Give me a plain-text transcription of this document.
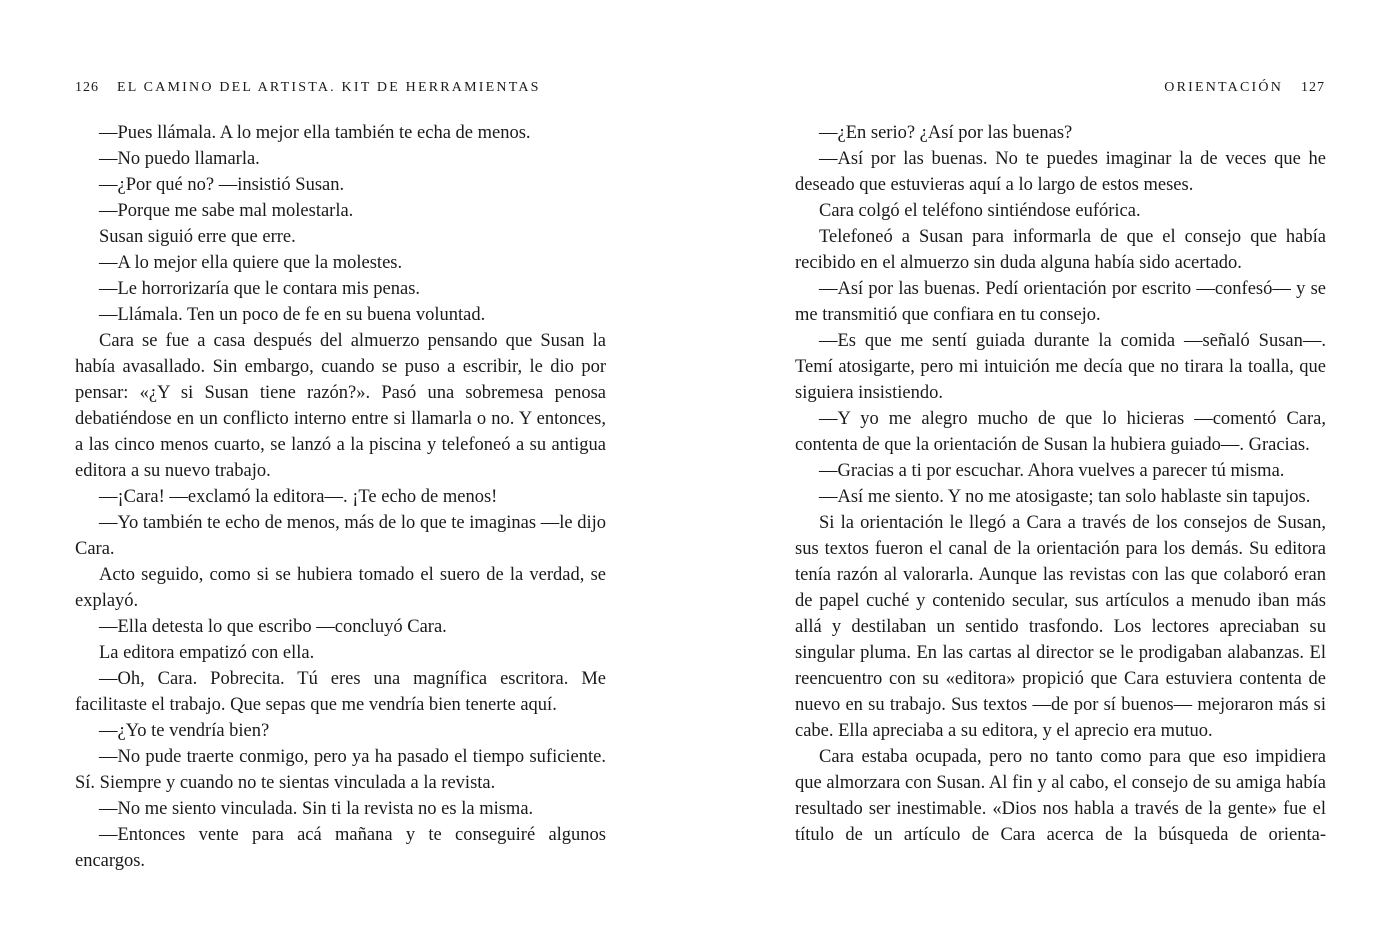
126 EL CAMINO DEL ARTISTA. KIT DE HERRAMIENTAS

—Pues llámala. A lo mejor ella también te echa de menos.

—No puedo llamarla.

—¿Por qué no? —insistió Susan.

—Porque me sabe mal molestarla.

Susan siguió erre que erre.

—A lo mejor ella quiere que la molestes.

—Le horrorizaría que le contara mis penas.

—Llámala. Ten un poco de fe en su buena voluntad.

Cara se fue a casa después del almuerzo pensando que Susan la había avasallado. Sin embargo, cuando se puso a escribir, le dio por pensar: «¿Y si Susan tiene razón?». Pasó una sobremesa penosa debatiéndose en un conflicto interno entre si llamarla o no. Y entonces, a las cinco menos cuarto, se lanzó a la piscina y telefoneó a su antigua editora a su nuevo trabajo.

—¡Cara! —exclamó la editora—. ¡Te echo de menos!

—Yo también te echo de menos, más de lo que te imaginas —le dijo Cara.

Acto seguido, como si se hubiera tomado el suero de la verdad, se explayó.

—Ella detesta lo que escribo —concluyó Cara.

La editora empatizó con ella.

—Oh, Cara. Pobrecita. Tú eres una magnífica escritora. Me facilitaste el trabajo. Que sepas que me vendría bien tenerte aquí.

—¿Yo te vendría bien?

—No pude traerte conmigo, pero ya ha pasado el tiempo suficiente. Sí. Siempre y cuando no te sientas vinculada a la revista.

—No me siento vinculada. Sin ti la revista no es la misma.

—Entonces vente para acá mañana y te conseguiré algunos encargos.

ORIENTACIÓN 127

—¿En serio? ¿Así por las buenas?

—Así por las buenas. No te puedes imaginar la de veces que he deseado que estuvieras aquí a lo largo de estos meses.

Cara colgó el teléfono sintiéndose eufórica.

Telefoneó a Susan para informarla de que el consejo que había recibido en el almuerzo sin duda alguna había sido acertado.

—Así por las buenas. Pedí orientación por escrito —confesó— y se me transmitió que confiara en tu consejo.

—Es que me sentí guiada durante la comida —señaló Susan—. Temí atosigarte, pero mi intuición me decía que no tirara la toalla, que siguiera insistiendo.

—Y yo me alegro mucho de que lo hicieras —comentó Cara, contenta de que la orientación de Susan la hubiera guiado—. Gracias.

—Gracias a ti por escuchar. Ahora vuelves a parecer tú misma.

—Así me siento. Y no me atosigaste; tan solo hablaste sin tapujos.

Si la orientación le llegó a Cara a través de los consejos de Susan, sus textos fueron el canal de la orientación para los demás. Su editora tenía razón al valorarla. Aunque las revistas con las que colaboró eran de papel cuché y contenido secular, sus artículos a menudo iban más allá y destilaban un sentido trasfondo. Los lectores apreciaban su singular pluma. En las cartas al director se le prodigaban alabanzas. El reencuentro con su «editora» propició que Cara estuviera contenta de nuevo en su trabajo. Sus textos —de por sí buenos— mejoraron más si cabe. Ella apreciaba a su editora, y el aprecio era mutuo.

Cara estaba ocupada, pero no tanto como para que eso impidiera que almorzara con Susan. Al fin y al cabo, el consejo de su amiga había resultado ser inestimable. «Dios nos habla a través de la gente» fue el título de un artículo de Cara acerca de la búsqueda de orienta-
